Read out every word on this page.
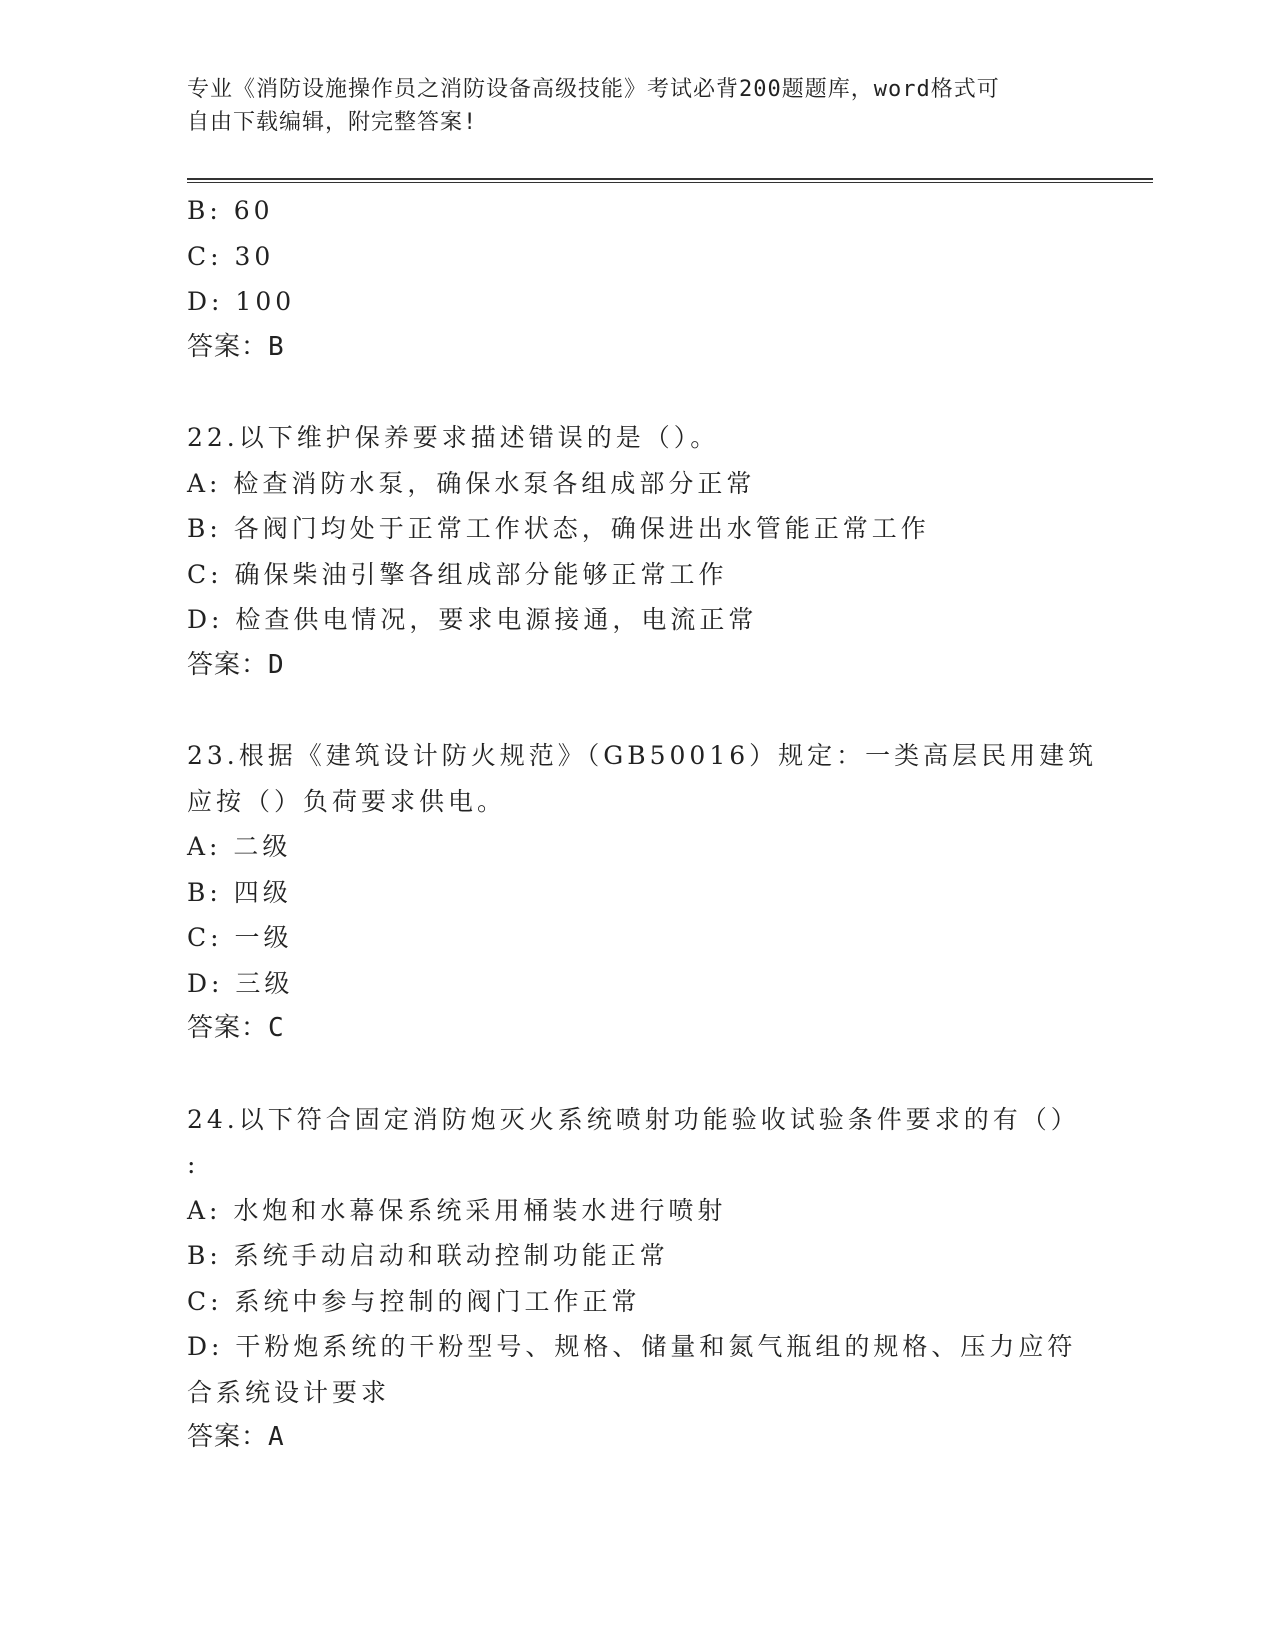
专业《消防设施操作员之消防设备高级技能》考试必背200题题库，word格式可
自由下载编辑，附完整答案!
B: 60
C: 30
D: 100
答案：B
22.以下维护保养要求描述错误的是（）。
A: 检查消防水泵，确保水泵各组成部分正常
B: 各阀门均处于正常工作状态，确保进出水管能正常工作
C: 确保柴油引擎各组成部分能够正常工作
D: 检查供电情况，要求电源接通，电流正常
答案：D
23.根据《建筑设计防火规范》（GB50016）规定：一类高层民用建筑
应按（）负荷要求供电。
A: 二级
B: 四级
C: 一级
D: 三级
答案：C
24.以下符合固定消防炮灭火系统喷射功能验收试验条件要求的有（）
:
A: 水炮和水幕保系统采用桶装水进行喷射
B: 系统手动启动和联动控制功能正常
C: 系统中参与控制的阀门工作正常
D: 干粉炮系统的干粉型号、规格、储量和氮气瓶组的规格、压力应符
合系统设计要求
答案：A
